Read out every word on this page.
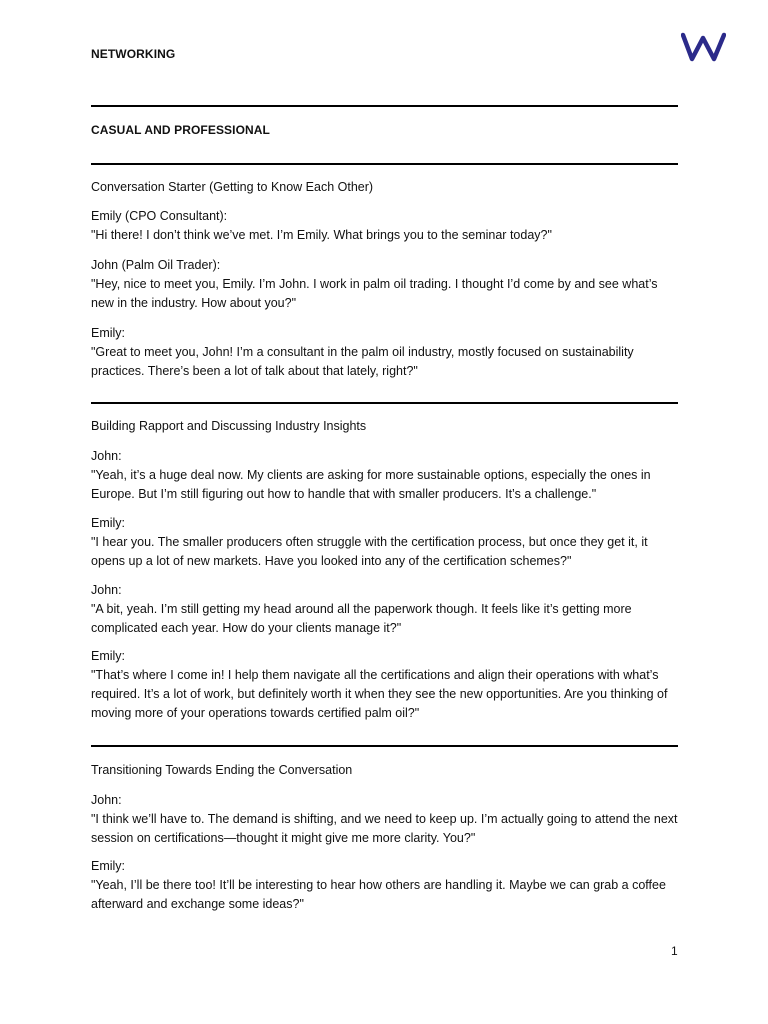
NETWORKING
CASUAL AND PROFESSIONAL
Conversation Starter (Getting to Know Each Other)
Emily (CPO Consultant):
"Hi there! I don’t think we’ve met. I’m Emily. What brings you to the seminar today?"
John (Palm Oil Trader):
"Hey, nice to meet you, Emily. I’m John. I work in palm oil trading. I thought I’d come by and see what’s new in the industry. How about you?"
Emily:
"Great to meet you, John! I’m a consultant in the palm oil industry, mostly focused on sustainability practices. There’s been a lot of talk about that lately, right?"
Building Rapport and Discussing Industry Insights
John:
"Yeah, it’s a huge deal now. My clients are asking for more sustainable options, especially the ones in Europe. But I’m still figuring out how to handle that with smaller producers. It’s a challenge."
Emily:
"I hear you. The smaller producers often struggle with the certification process, but once they get it, it opens up a lot of new markets. Have you looked into any of the certification schemes?"
John:
"A bit, yeah. I’m still getting my head around all the paperwork though. It feels like it’s getting more complicated each year. How do your clients manage it?"
Emily:
"That’s where I come in! I help them navigate all the certifications and align their operations with what’s required. It’s a lot of work, but definitely worth it when they see the new opportunities. Are you thinking of moving more of your operations towards certified palm oil?"
Transitioning Towards Ending the Conversation
John:
"I think we’ll have to. The demand is shifting, and we need to keep up. I’m actually going to attend the next session on certifications—thought it might give me more clarity. You?"
Emily:
"Yeah, I’ll be there too! It’ll be interesting to hear how others are handling it. Maybe we can grab a coffee afterward and exchange some ideas?"
1
